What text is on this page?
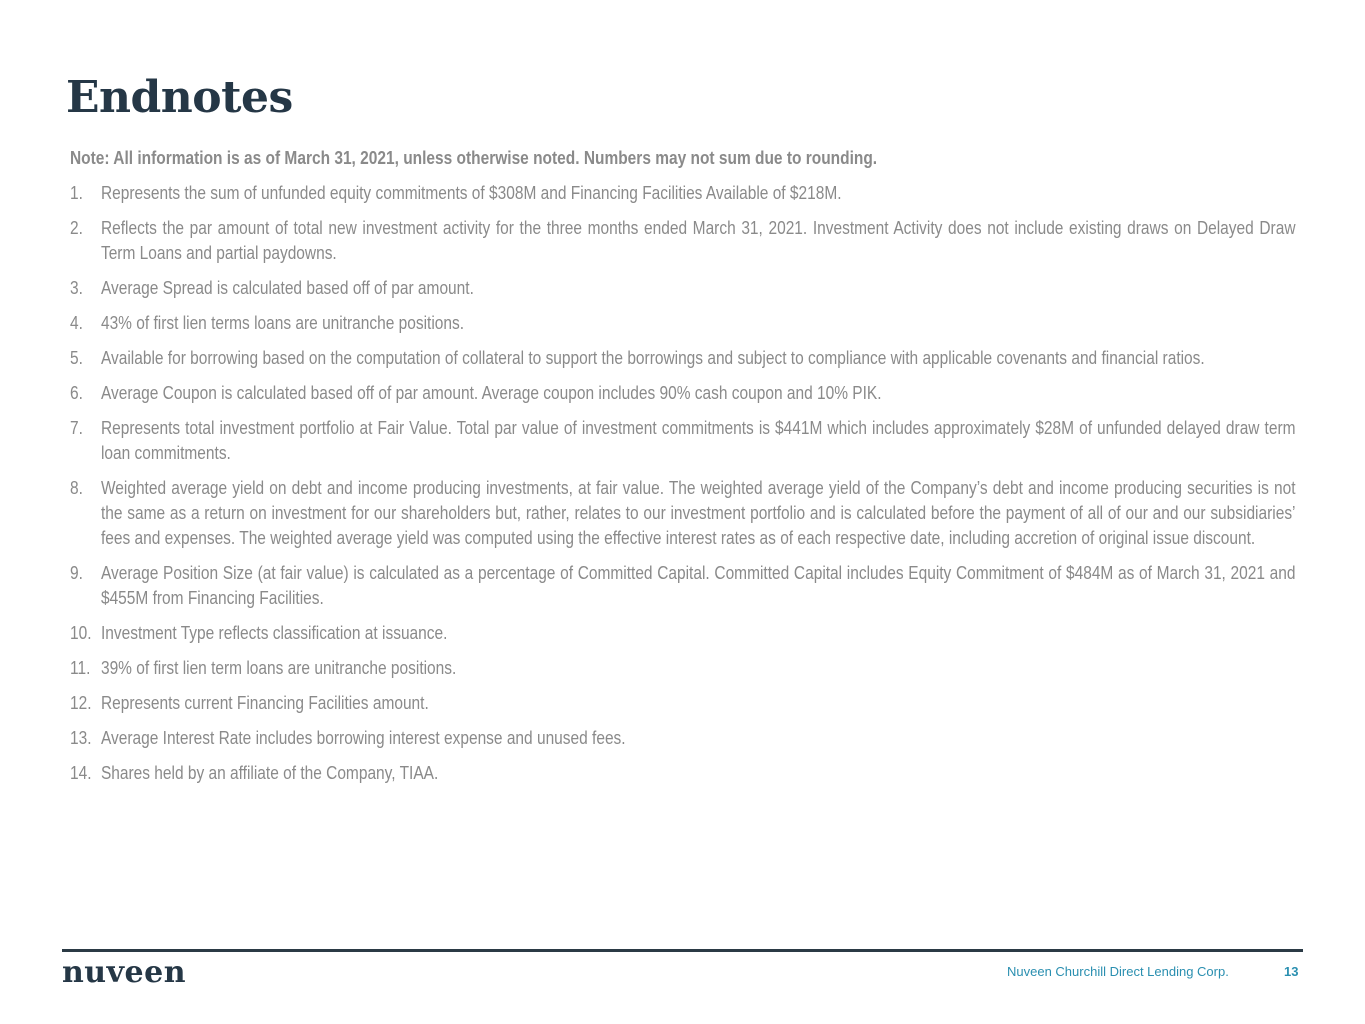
Endnotes
Note: All information is as of March 31, 2021, unless otherwise noted. Numbers may not sum due to rounding.
1.	Represents the sum of unfunded equity commitments of $308M and Financing Facilities Available of $218M.
2.	Reflects the par amount of total new investment activity for the three months ended March 31, 2021. Investment Activity does not include existing draws on Delayed Draw Term Loans and partial paydowns.
3.	Average Spread is calculated based off of par amount.
4.	43% of first lien terms loans are unitranche positions.
5.	Available for borrowing based on the computation of collateral to support the borrowings and subject to compliance with applicable covenants and financial ratios.
6.	Average Coupon is calculated based off of par amount. Average coupon includes 90% cash coupon and 10% PIK.
7.	Represents total investment portfolio at Fair Value. Total par value of investment commitments is $441M which includes approximately $28M of unfunded delayed draw term loan commitments.
8.	Weighted average yield on debt and income producing investments, at fair value. The weighted average yield of the Company’s debt and income producing securities is not the same as a return on investment for our shareholders but, rather, relates to our investment portfolio and is calculated before the payment of all of our and our subsidiaries’ fees and expenses. The weighted average yield was computed using the effective interest rates as of each respective date, including accretion of original issue discount.
9.	Average Position Size (at fair value) is calculated as a percentage of Committed Capital. Committed Capital includes Equity Commitment of $484M as of March 31, 2021 and $455M from Financing Facilities.
10. Investment Type reflects classification at issuance.
11. 39% of first lien term loans are unitranche positions.
12. Represents current Financing Facilities amount.
13. Average Interest Rate includes borrowing interest expense and unused fees.
14. Shares held by an affiliate of the Company, TIAA.
nuveen	Nuveen Churchill Direct Lending Corp.	13
